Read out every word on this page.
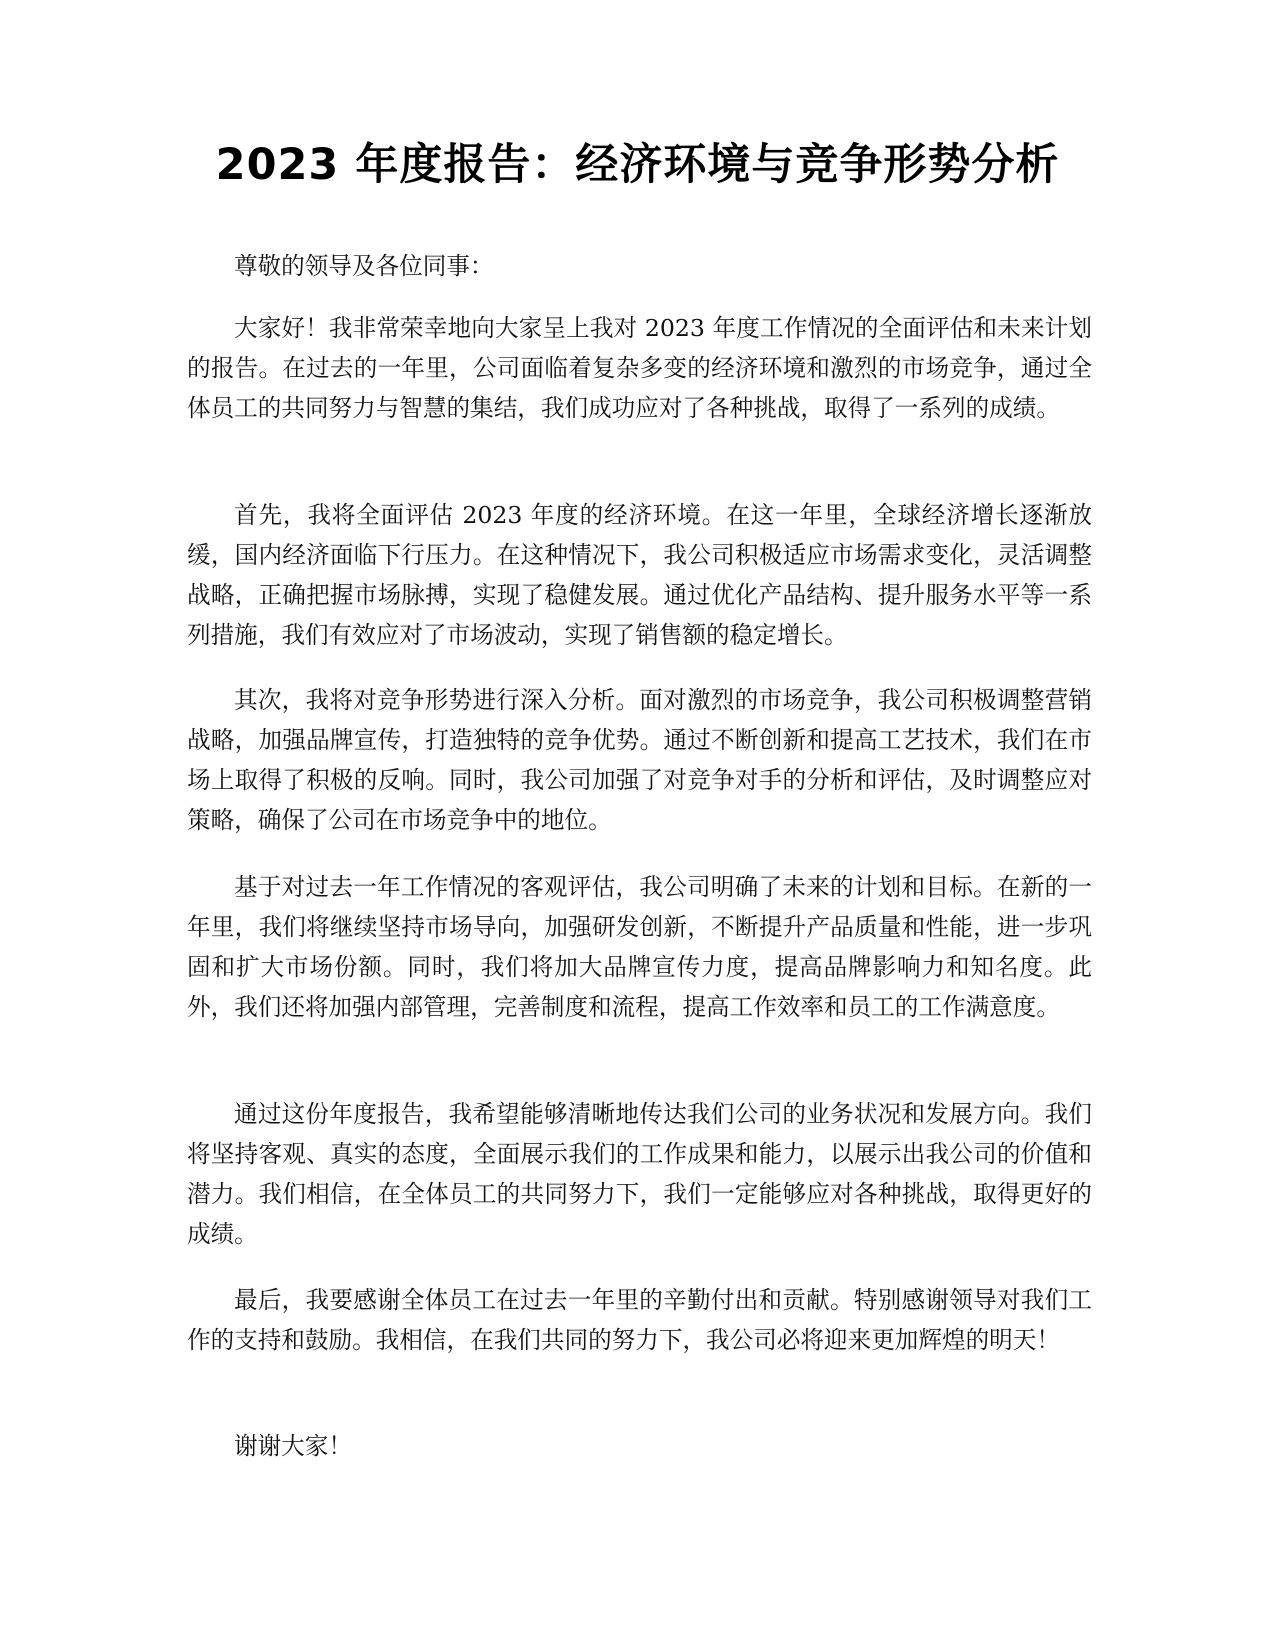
2023 年度报告：经济环境与竞争形势分析

尊敬的领导及各位同事：

大家好！我非常荣幸地向大家呈上我对 2023 年度工作情况的全面评估和未来计划的报告。在过去的一年里，公司面临着复杂多变的经济环境和激烈的市场竞争，通过全体员工的共同努力与智慧的集结，我们成功应对了各种挑战，取得了一系列的成绩。

首先，我将全面评估 2023 年度的经济环境。在这一年里，全球经济增长逐渐放缓，国内经济面临下行压力。在这种情况下，我公司积极适应市场需求变化，灵活调整战略，正确把握市场脉搏，实现了稳健发展。通过优化产品结构、提升服务水平等一系列措施，我们有效应对了市场波动，实现了销售额的稳定增长。

其次，我将对竞争形势进行深入分析。面对激烈的市场竞争，我公司积极调整营销战略，加强品牌宣传，打造独特的竞争优势。通过不断创新和提高工艺技术，我们在市场上取得了积极的反响。同时，我公司加强了对竞争对手的分析和评估，及时调整应对策略，确保了公司在市场竞争中的地位。

基于对过去一年工作情况的客观评估，我公司明确了未来的计划和目标。在新的一年里，我们将继续坚持市场导向，加强研发创新，不断提升产品质量和性能，进一步巩固和扩大市场份额。同时，我们将加大品牌宣传力度，提高品牌影响力和知名度。此外，我们还将加强内部管理，完善制度和流程，提高工作效率和员工的工作满意度。

通过这份年度报告，我希望能够清晰地传达我们公司的业务状况和发展方向。我们将坚持客观、真实的态度，全面展示我们的工作成果和能力，以展示出我公司的价值和潜力。我们相信，在全体员工的共同努力下，我们一定能够应对各种挑战，取得更好的成绩。

最后，我要感谢全体员工在过去一年里的辛勤付出和贡献。特别感谢领导对我们工作的支持和鼓励。我相信，在我们共同的努力下，我公司必将迎来更加辉煌的明天！

谢谢大家！
